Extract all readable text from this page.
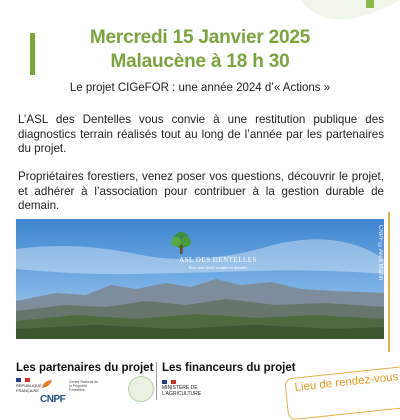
Mercredi 15 Janvier 2025
Malaucène à 18 h 30
Le projet CIGeFOR : une année 2024 d’« Actions »
L’ASL des Dentelles vous convie à une restitution publique des diagnostics terrain réalisés tout au long de l’année par les partenaires du projet.
Propriétaires forestiers, venez poser vos questions, découvrir le projet, et adhérer à l’association pour contribuer à la gestion durable de demain.
ASL DES DENTELLES
Pour une forêt vivante et durable	CNPF ©Alice Martin
Les partenaires du projet Les financeurs du projet
RÉPUBLIQUE FRANÇAISE
CNPF
Centre National de la Propriété Forestière	MINISTÈRE DE L’AGRICULTURE	Lieu de rendez-vous
